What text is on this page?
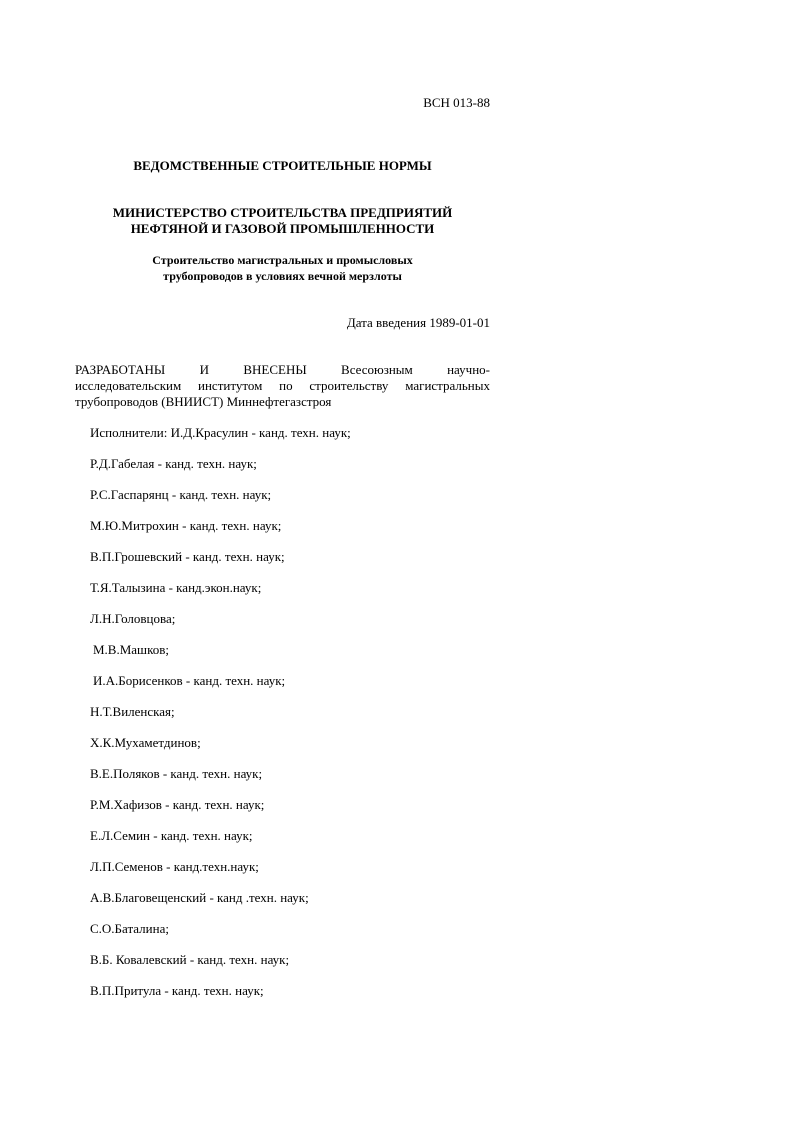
ВСН 013-88
ВЕДОМСТВЕННЫЕ СТРОИТЕЛЬНЫЕ НОРМЫ
МИНИСТЕРСТВО СТРОИТЕЛЬСТВА ПРЕДПРИЯТИЙ
НЕФТЯНОЙ И ГАЗОВОЙ ПРОМЫШЛЕННОСТИ
Строительство магистральных и промысловых
трубопроводов в условиях вечной мерзлоты
Дата введения 1989-01-01
РАЗРАБОТАНЫ И ВНЕСЕНЫ Всесоюзным научно-
исследовательским институтом по строительству магистральных
трубопроводов (ВНИИСТ) Миннефтегазстроя
Исполнители: И.Д.Красулин - канд. техн. наук;
Р.Д.Габелая - канд. техн. наук;
Р.С.Гаспарянц - канд. техн. наук;
М.Ю.Митрохин - канд. техн. наук;
В.П.Грошевский - канд. техн. наук;
Т.Я.Талызина - канд.экон.наук;
Л.Н.Головцова;
М.В.Машков;
И.А.Борисенков - канд. техн. наук;
Н.Т.Виленская;
Х.К.Мухаметдинов;
В.Е.Поляков - канд. техн. наук;
Р.М.Хафизов - канд. техн. наук;
Е.Л.Семин - канд. техн. наук;
Л.П.Семенов - канд.техн.наук;
А.В.Благовещенский - канд .техн. наук;
С.О.Баталина;
В.Б. Ковалевский - канд. техн. наук;
В.П.Притула - канд. техн. наук;
